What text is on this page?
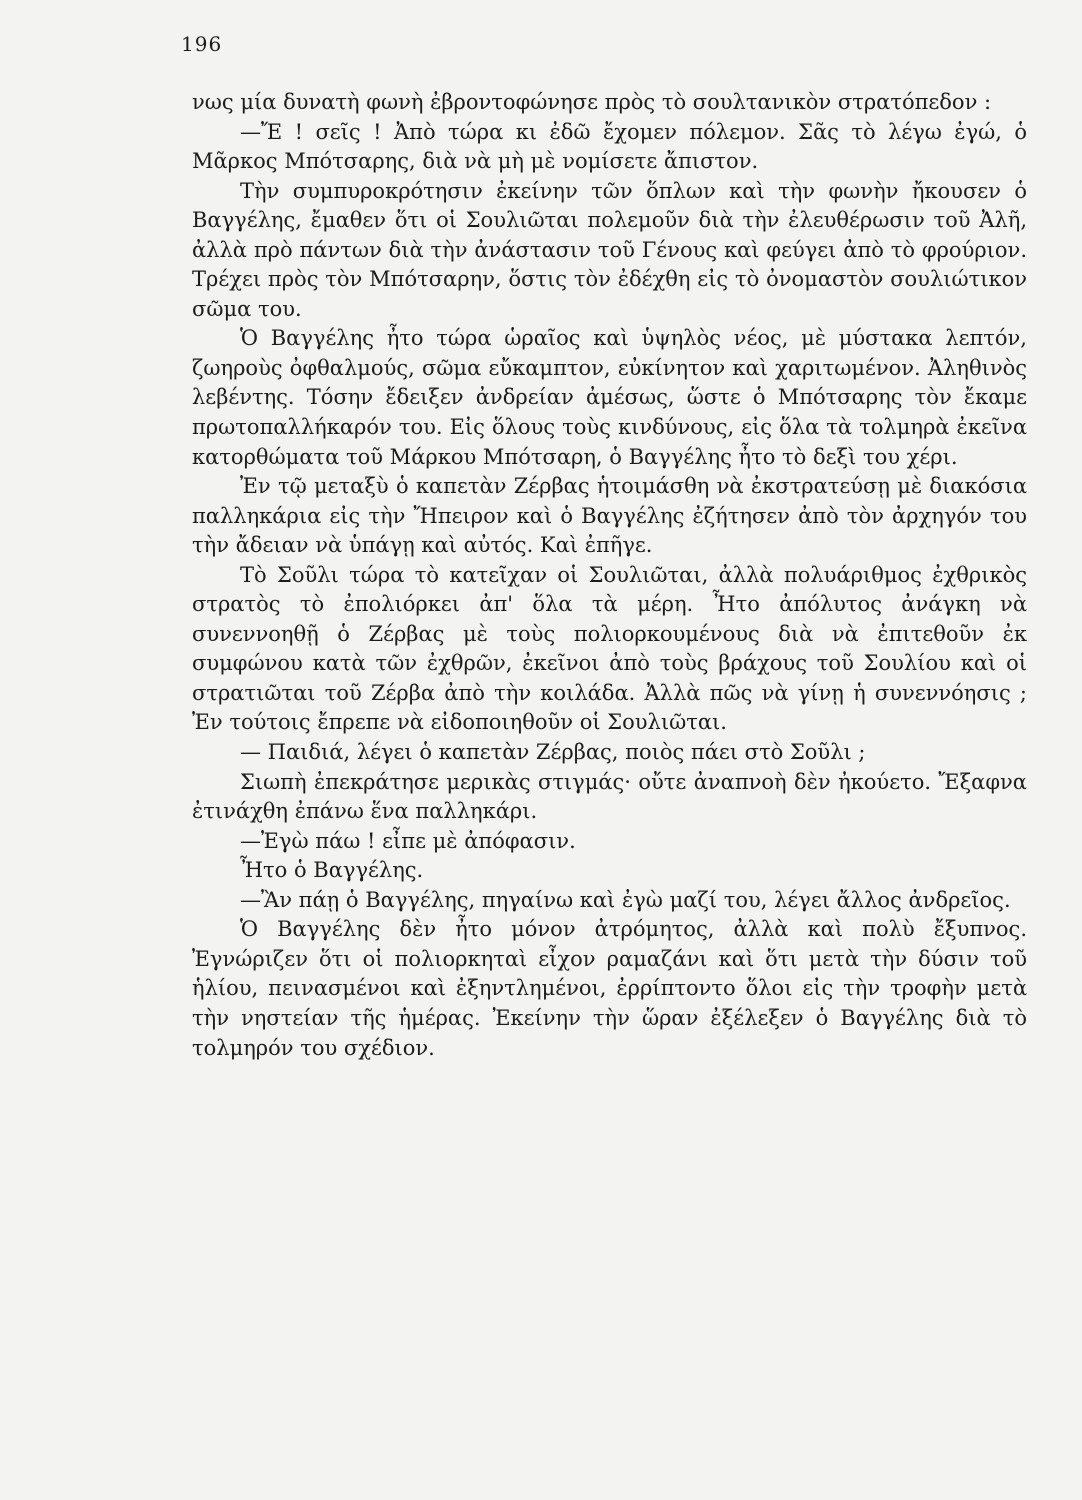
196

νως μία δυνατὴ φωνὴ ἐβροντοφώνησε πρὸς τὸ σουλτανικὸν στρατόπεδον :

—Ἔ ! σεῖς ! Ἀπὸ τώρα κι ἐδῶ ἔχομεν πόλεμον. Σᾶς τὸ λέγω ἐγώ, ὁ Μᾶρκος Μπότσαρης, διὰ νὰ μὴ μὲ νομίσετε ἄπιστον.

Τὴν συμπυροκρότησιν ἐκείνην τῶν ὅπλων καὶ τὴν φωνὴν ἤκουσεν ὁ Βαγγέλης, ἔμαθεν ὅτι οἱ Σουλιῶται πολεμοῦν διὰ τὴν ἐλευθέρωσιν τοῦ Ἀλῆ, ἀλλὰ πρὸ πάντων διὰ τὴν ἀνάστασιν τοῦ Γένους καὶ φεύγει ἀπὸ τὸ φρούριον. Τρέχει πρὸς τὸν Μπότσαρην, ὅστις τὸν ἐδέχθη εἰς τὸ ὀνομαστὸν σουλιώτικον σῶμα του.

Ὁ Βαγγέλης ἦτο τώρα ὡραῖος καὶ ὑψηλὸς νέος, μὲ μύστακα λεπτόν, ζωηροὺς ὀφθαλμούς, σῶμα εὔκαμπτον, εὐκίνητον καὶ χαριτωμένον. Ἀληθινὸς λεβέντης. Τόσην ἔδειξεν ἀνδρείαν ἀμέσως, ὥστε ὁ Μπότσαρης τὸν ἔκαμε πρωτοπαλλήκαρόν του. Εἰς ὅλους τοὺς κινδύνους, εἰς ὅλα τὰ τολμηρὰ ἐκεῖνα κατορθώματα τοῦ Μάρκου Μπότσαρη, ὁ Βαγγέλης ἦτο τὸ δεξὶ του χέρι.

Ἐν τῷ μεταξὺ ὁ καπετὰν Ζέρβας ἡτοιμάσθη νὰ ἐκστρατεύσῃ μὲ διακόσια παλληκάρια εἰς τὴν Ἤπειρον καὶ ὁ Βαγγέλης ἐζήτησεν ἀπὸ τὸν ἀρχηγόν του τὴν ἄδειαν νὰ ὑπάγῃ καὶ αὐτός. Καὶ ἐπῆγε.

Τὸ Σοῦλι τώρα τὸ κατεῖχαν οἱ Σουλιῶται, ἀλλὰ πολυάριθμος ἐχθρικὸς στρατὸς τὸ ἐπολιόρκει ἀπ' ὅλα τὰ μέρη. Ἦτο ἀπόλυτος ἀνάγκη νὰ συνεννοηθῇ ὁ Ζέρβας μὲ τοὺς πολιορκουμένους διὰ νὰ ἐπιτεθοῦν ἐκ συμφώνου κατὰ τῶν ἐχθρῶν, ἐκεῖνοι ἀπὸ τοὺς βράχους τοῦ Σουλίου καὶ οἱ στρατιῶται τοῦ Ζέρβα ἀπὸ τὴν κοιλάδα. Ἀλλὰ πῶς νὰ γίνῃ ἡ συνεννόησις ; Ἐν τούτοις ἔπρεπε νὰ εἰδοποιηθοῦν οἱ Σουλιῶται.

— Παιδιά, λέγει ὁ καπετὰν Ζέρβας, ποιὸς πάει στὸ Σοῦλι ;

Σιωπὴ ἐπεκράτησε μερικὰς στιγμάς· οὔτε ἀναπνοὴ δὲν ἠκούετο. Ἔξαφνα ἐτινάχθη ἐπάνω ἕνα παλληκάρι.

—Ἐγὼ πάω ! εἶπε μὲ ἀπόφασιν.

Ἦτο ὁ Βαγγέλης.

—Ἂν πάῃ ὁ Βαγγέλης, πηγαίνω καὶ ἐγὼ μαζί του, λέγει ἄλλος ἀνδρεῖος.

Ὁ Βαγγέλης δὲν ἦτο μόνον ἀτρόμητος, ἀλλὰ καὶ πολὺ ἔξυπνος. Ἐγνώριζεν ὅτι οἱ πολιορκηταὶ εἶχον ραμαζάνι καὶ ὅτι μετὰ τὴν δύσιν τοῦ ἡλίου, πεινασμένοι καὶ ἐξηντλημένοι, ἐρρίπτοντο ὅλοι εἰς τὴν τροφὴν μετὰ τὴν νηστείαν τῆς ἡμέρας. Ἐκείνην τὴν ὥραν ἐξέλεξεν ὁ Βαγγέλης διὰ τὸ τολμηρόν του σχέδιον.
